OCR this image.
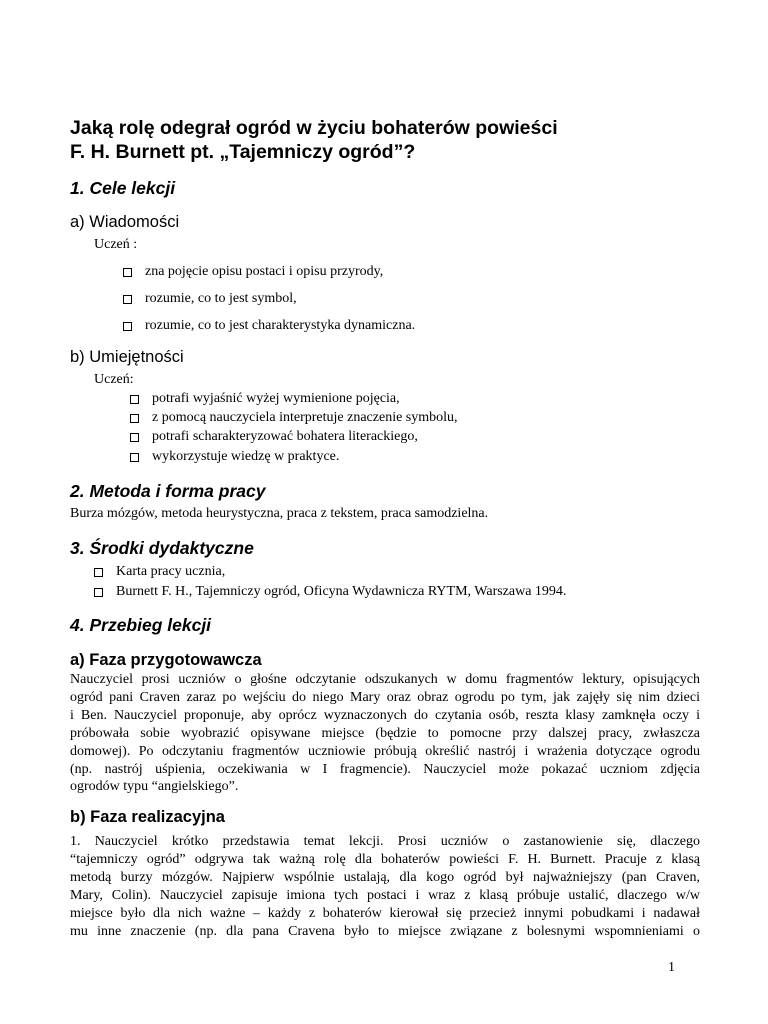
Jaką rolę odegrał ogród w życiu bohaterów powieści
F. H. Burnett pt. „Tajemniczy ogród”?
1. Cele lekcji
a) Wiadomości
Uczeń :
zna pojęcie opisu postaci i opisu przyrody,
rozumie, co to jest symbol,
rozumie, co to jest charakterystyka dynamiczna.
b) Umiejętności
Uczeń:
potrafi wyjaśnić wyżej wymienione pojęcia,
z pomocą nauczyciela interpretuje znaczenie symbolu,
potrafi scharakteryzować bohatera literackiego,
wykorzystuje wiedzę w praktyce.
2. Metoda i forma pracy
Burza mózgów, metoda heurystyczna, praca z tekstem, praca samodzielna.
3. Środki dydaktyczne
Karta pracy ucznia,
Burnett F. H., Tajemniczy ogród, Oficyna Wydawnicza RYTM, Warszawa 1994.
4. Przebieg lekcji
a) Faza przygotowawcza
Nauczyciel prosi uczniów o głośne odczytanie odszukanych w domu fragmentów lektury, opisujących
ogród pani Craven zaraz po wejściu do niego Mary oraz obraz ogrodu po tym, jak zajęły się nim dzieci
i Ben. Nauczyciel proponuje, aby oprócz wyznaczonych do czytania osób, reszta klasy zamknęła oczy i
próbowała sobie wyobrazić opisywane miejsce (będzie to pomocne przy dalszej pracy, zwłaszcza
domowej). Po odczytaniu fragmentów uczniowie próbują określić nastrój i wrażenia dotyczące ogrodu
(np. nastrój uśpienia, oczekiwania w I fragmencie). Nauczyciel może pokazać uczniom zdjęcia
ogrodów typu “angielskiego”.
b) Faza realizacyjna
1. Nauczyciel krótko przedstawia temat lekcji. Prosi uczniów o zastanowienie się, dlaczego
“tajemniczy ogród” odgrywa tak ważną rolę dla bohaterów powieści F. H. Burnett. Pracuje z klasą
metodą burzy mózgów. Najpierw wspólnie ustalają, dla kogo ogród był najważniejszy (pan Craven,
Mary, Colin). Nauczyciel zapisuje imiona tych postaci i wraz z klasą próbuje ustalić, dlaczego w/w
miejsce było dla nich ważne – każdy z bohaterów kierował się przecież innymi pobudkami i nadawał
mu inne znaczenie (np. dla pana Cravena było to miejsce związane z bolesnymi wspomnieniami o
1
